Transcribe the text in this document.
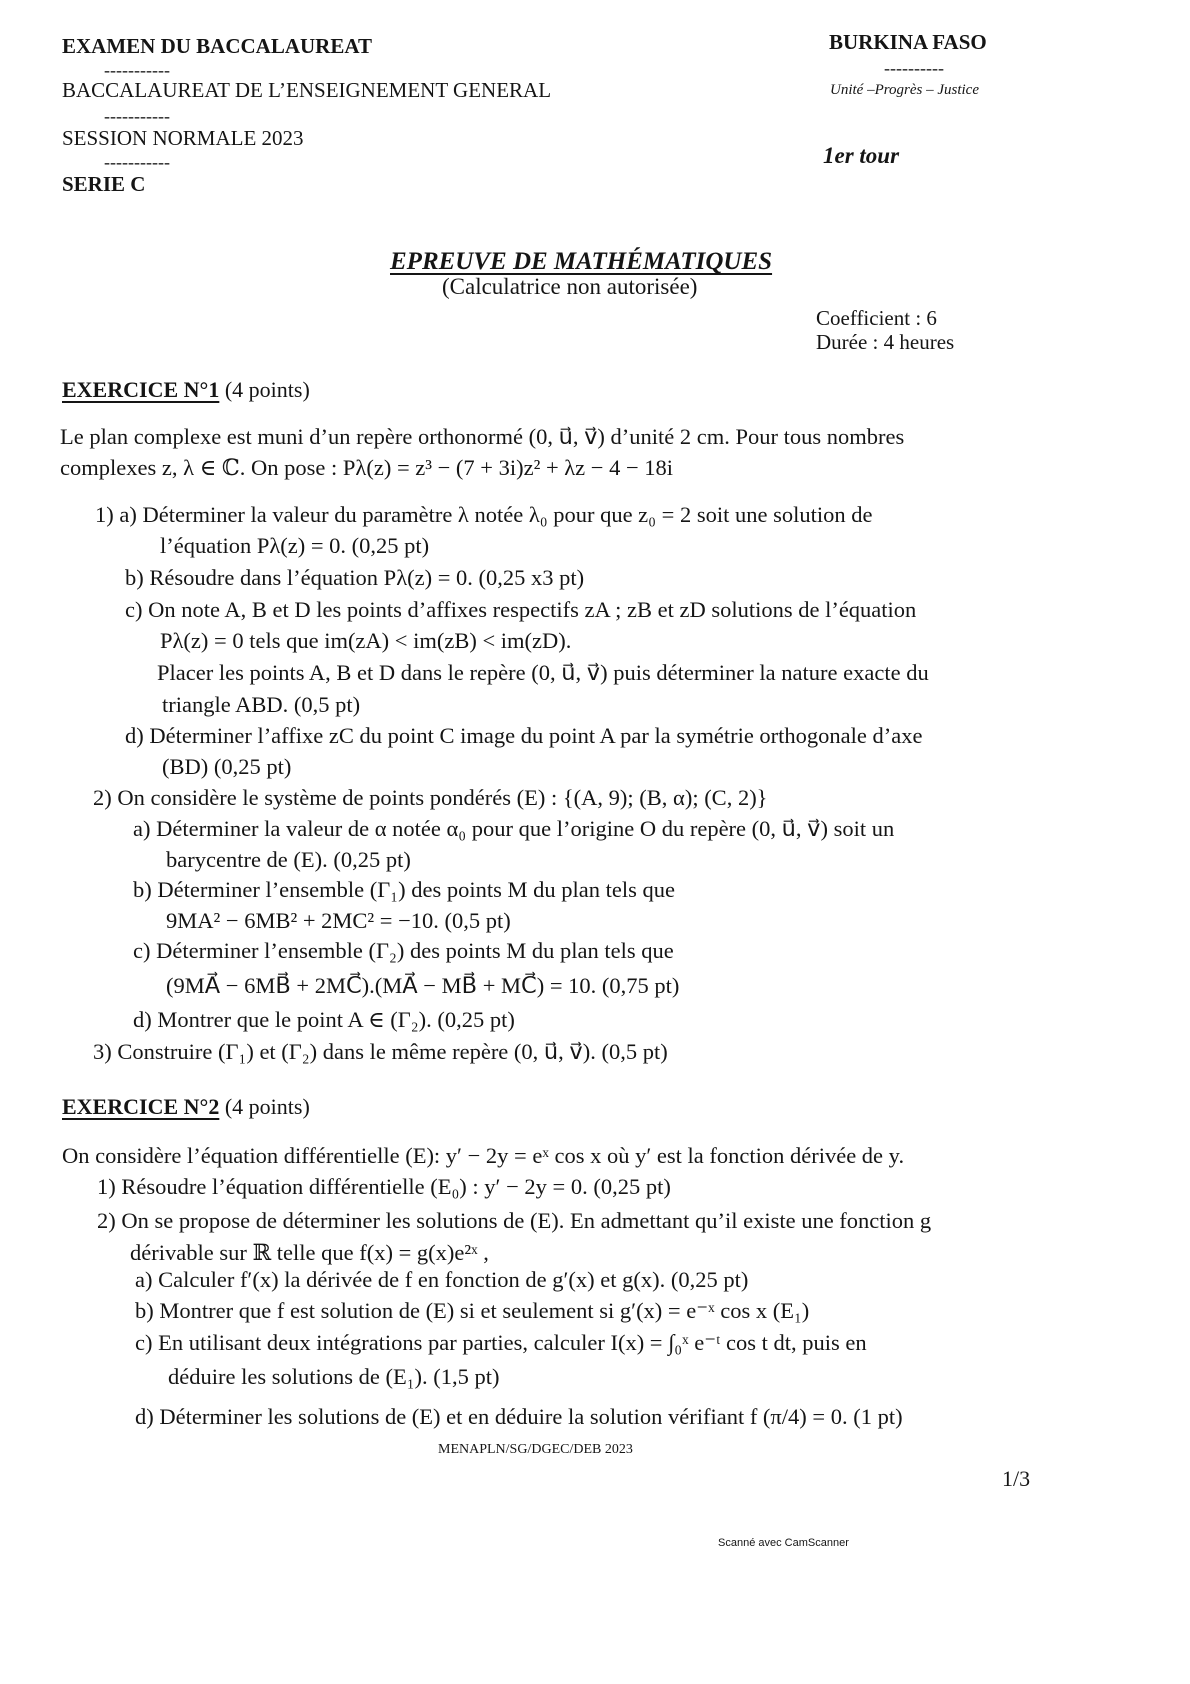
EXAMEN DU BACCALAUREAT
-----------
BACCALAUREAT DE L’ENSEIGNEMENT GENERAL
-----------
SESSION NORMALE 2023
-----------
SERIE C
BURKINA FASO
----------
Unité –Progrès – Justice
1er tour
EPREUVE DE MATHÉMATIQUES
(Calculatrice non autorisée)
Coefficient : 6
Durée : 4 heures
EXERCICE N°1 (4 points)
Le plan complexe est muni d’un repère orthonormé (0, u⃗, v⃗) d’unité 2 cm. Pour tous nombres
complexes z, λ ∈ ℂ. On pose : Pλ(z) = z³ − (7 + 3i)z² + λz − 4 − 18i
1) a) Déterminer la valeur du paramètre λ notée λ₀ pour que z₀ = 2 soit une solution de
l’équation Pλ(z) = 0. (0,25 pt)
b) Résoudre dans l’équation Pλ(z) = 0. (0,25 x3 pt)
c) On note A, B et D les points d’affixes respectifs zA ; zB et zD solutions de l’équation
Pλ(z) = 0 tels que im(zA) < im(zB) < im(zD).
Placer les points A, B et D dans le repère (0, u⃗, v⃗) puis déterminer la nature exacte du
triangle ABD. (0,5 pt)
d) Déterminer l’affixe zC du point C image du point A par la symétrie orthogonale d’axe
(BD) (0,25 pt)
2) On considère le système de points pondérés (E) : {(A, 9); (B, α); (C, 2)}
a) Déterminer la valeur de α notée α₀ pour que l’origine O du repère (0, u⃗, v⃗) soit un
barycentre de (E). (0,25 pt)
b) Déterminer l’ensemble (Γ₁) des points M du plan tels que
9MA² − 6MB² + 2MC² = −10. (0,5 pt)
c) Déterminer l’ensemble (Γ₂) des points M du plan tels que
(9MA⃗ − 6MB⃗ + 2MC⃗).(MA⃗ − MB⃗ + MC⃗) = 10. (0,75 pt)
d) Montrer que le point A ∈ (Γ₂). (0,25 pt)
3) Construire (Γ₁) et (Γ₂) dans le même repère (0, u⃗, v⃗). (0,5 pt)
EXERCICE N°2 (4 points)
On considère l’équation différentielle (E): y′ − 2y = eˣ cos x où y′ est la fonction dérivée de y.
1) Résoudre l’équation différentielle (E₀) : y′ − 2y = 0. (0,25 pt)
2) On se propose de déterminer les solutions de (E). En admettant qu’il existe une fonction g
dérivable sur ℝ telle que f(x) = g(x)e²ˣ ,
a) Calculer f′(x) la dérivée de f en fonction de g′(x) et g(x). (0,25 pt)
b) Montrer que f est solution de (E) si et seulement si g′(x) = e⁻ˣ cos x (E₁)
c) En utilisant deux intégrations par parties, calculer I(x) = ∫₀ˣ e⁻ᵗ cos t dt, puis en
déduire les solutions de (E₁). (1,5 pt)
d) Déterminer les solutions de (E) et en déduire la solution vérifiant f (π/4) = 0. (1 pt)
MENAPLN/SG/DGEC/DEB 2023
1/3
Scanné avec CamScanner
